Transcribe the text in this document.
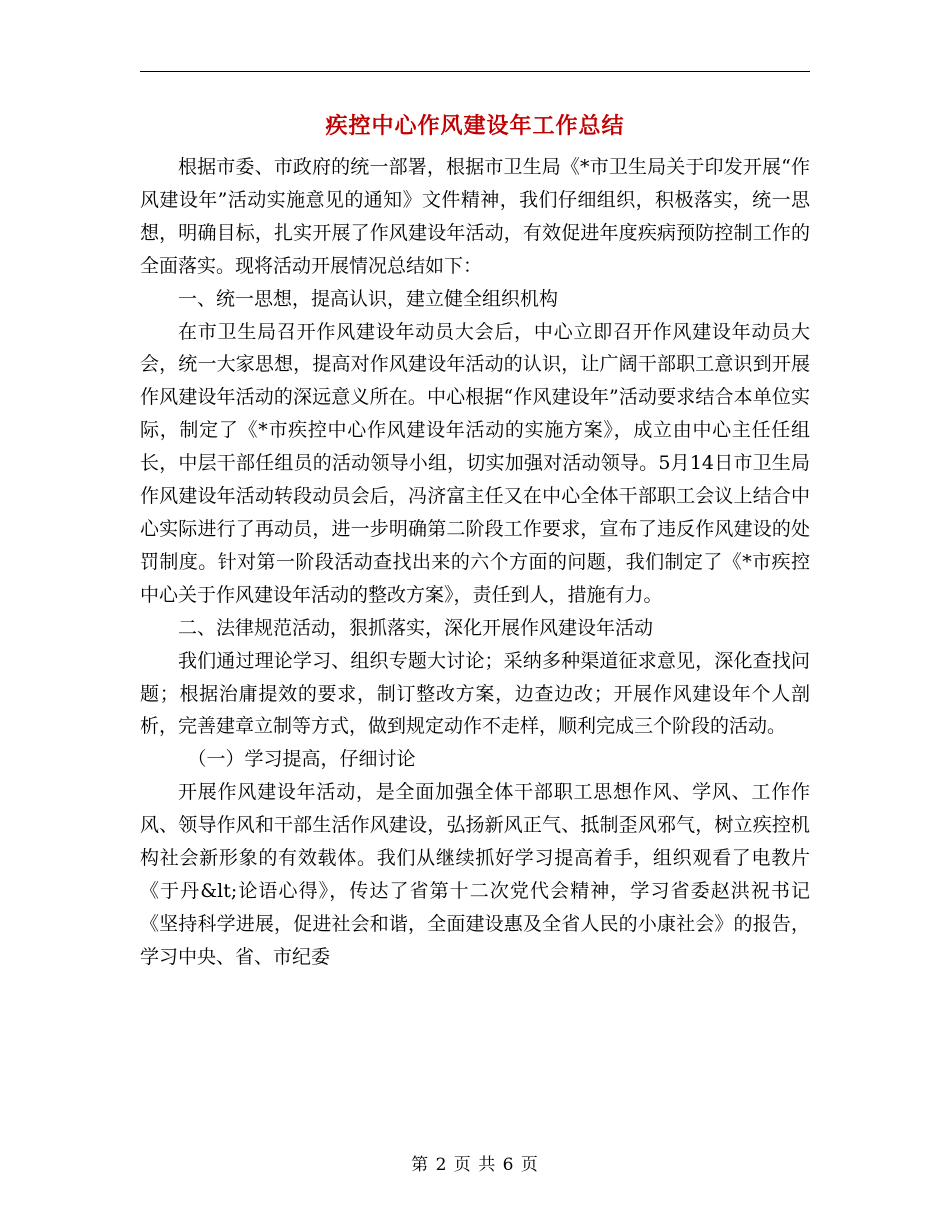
疾控中心作风建设年工作总结

根据市委、市政府的统一部署，根据市卫生局《*市卫生局关于印发开展“作风建设年”活动实施意见的通知》文件精神，我们仔细组织，积极落实，统一思想，明确目标，扎实开展了作风建设年活动，有效促进年度疾病预防控制工作的全面落实。现将活动开展情况总结如下：

一、统一思想，提高认识，建立健全组织机构

在市卫生局召开作风建设年动员大会后，中心立即召开作风建设年动员大会，统一大家思想，提高对作风建设年活动的认识，让广阔干部职工意识到开展作风建设年活动的深远意义所在。中心根据“作风建设年”活动要求结合本单位实际，制定了《*市疾控中心作风建设年活动的实施方案》，成立由中心主任任组长，中层干部任组员的活动领导小组，切实加强对活动领导。5月14日市卫生局作风建设年活动转段动员会后，冯济富主任又在中心全体干部职工会议上结合中心实际进行了再动员，进一步明确第二阶段工作要求，宣布了违反作风建设的处罚制度。针对第一阶段活动查找出来的六个方面的问题，我们制定了《*市疾控中心关于作风建设年活动的整改方案》，责任到人，措施有力。

二、法律规范活动，狠抓落实，深化开展作风建设年活动

我们通过理论学习、组织专题大讨论；采纳多种渠道征求意见，深化查找问题；根据治庸提效的要求，制订整改方案，边查边改；开展作风建设年个人剖析，完善建章立制等方式，做到规定动作不走样，顺利完成三个阶段的活动。

（一）学习提高，仔细讨论

开展作风建设年活动，是全面加强全体干部职工思想作风、学风、工作作风、领导作风和干部生活作风建设，弘扬新风正气、抵制歪风邪气，树立疾控机构社会新形象的有效载体。我们从继续抓好学习提高着手，组织观看了电教片《于丹&lt;论语心得》，传达了省第十二次党代会精神，学习省委赵洪祝书记《坚持科学进展，促进社会和谐，全面建设惠及全省人民的小康社会》的报告，学习中央、省、市纪委

第 2 页 共 6 页
